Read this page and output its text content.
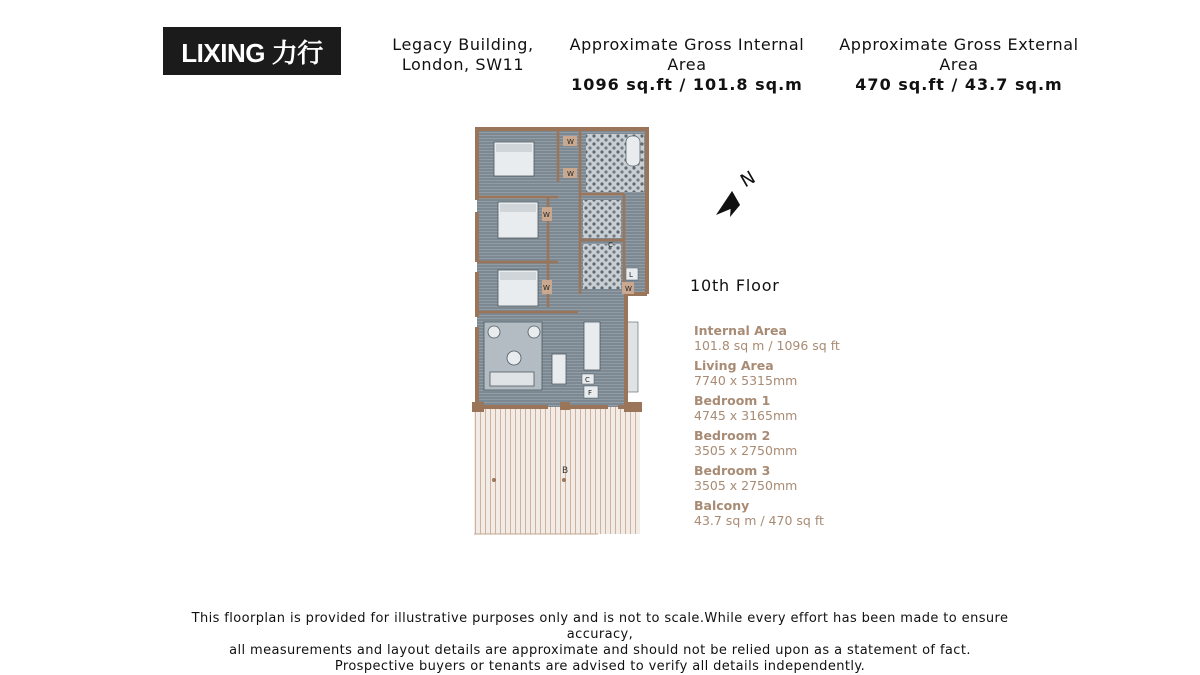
LIXING 力行	Legacy Building,
London, SW11
Approximate Gross Internal Area
1096 sq.ft / 101.8 sq.m
Approximate Gross External Area
470 sq.ft / 43.7 sq.m
B
W
W
W
W
C
L
W
C
F
N
10th Floor
Internal Area
101.8 sq m / 1096 sq ft
Living Area
7740 x 5315mm
Bedroom 1
4745 x 3165mm
Bedroom 2
3505 x 2750mm
Bedroom 3
3505 x 2750mm
Balcony
43.7 sq m / 470 sq ft
This floorplan is provided for illustrative purposes only and is not to scale.While every effort has been made to ensure accuracy,
all measurements and layout details are approximate and should not be relied upon as a statement of fact.
Prospective buyers or tenants are advised to verify all details independently.
